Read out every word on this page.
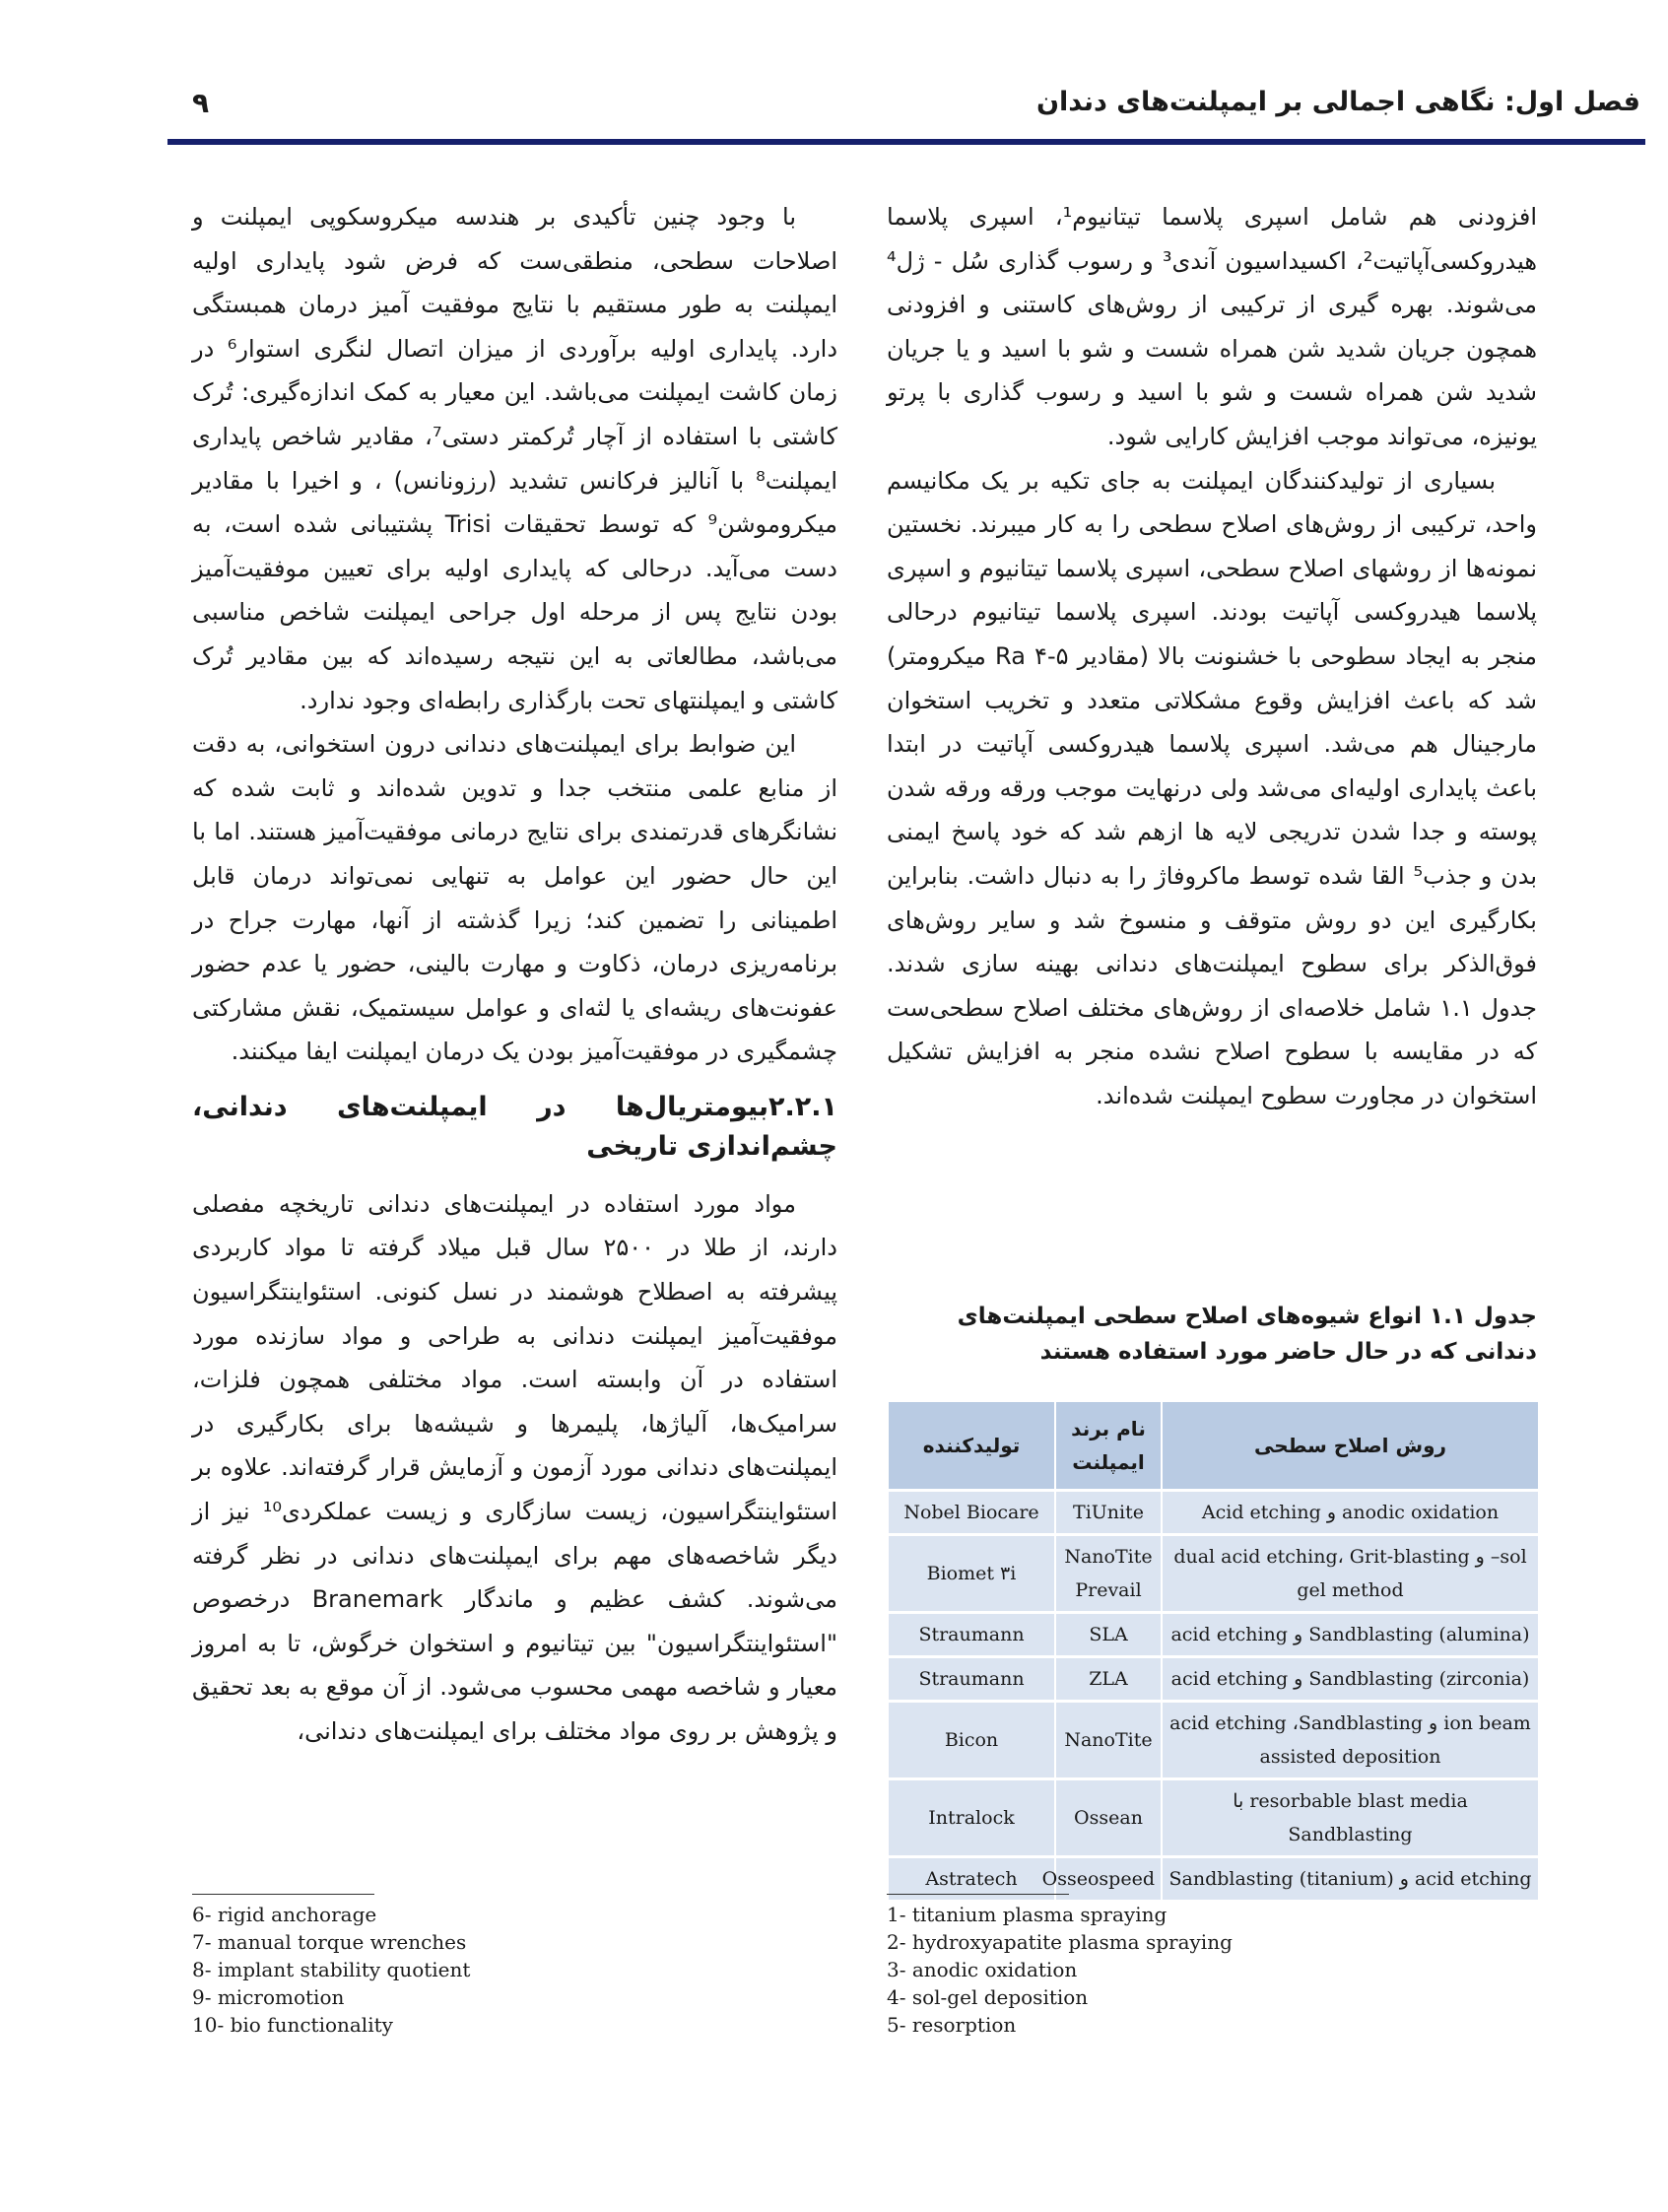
فصل اول: نگاهی اجمالی بر ایمپلنت‌های دندان
۹

افزودنی هم شامل اسپری پلاسما تیتانیوم¹، اسپری پلاسما هیدروکسی‌آپاتیت²، اکسیداسیون آندی³ و رسوب گذاری سُل - ژل⁴ می‌شوند. بهره گیری از ترکیبی از روش‌های کاستنی و افزودنی همچون جریان شدید شن همراه شست و شو با اسید و یا جریان شدید شن همراه شست و شو با اسید و رسوب گذاری با پرتو یونیزه، می‌تواند موجب افزایش کارایی شود.

بسیاری از تولیدکنندگان ایمپلنت به جای تکیه بر یک مکانیسم واحد، ترکیبی از روش‌های اصلاح سطحی را به کار میبرند. نخستین نمونه‌ها از روشهای اصلاح سطحی، اسپری پلاسما تیتانیوم و اسپری پلاسما هیدروکسی آپاتیت بودند. اسپری پلاسما تیتانیوم درحالی منجر به ایجاد سطوحی با خشنونت بالا (مقادیر Ra ۴-۵ میکرومتر) شد که باعث افزایش وقوع مشکلاتی متعدد و تخریب استخوان مارجینال هم می‌شد. اسپری پلاسما هیدروکسی آپاتیت در ابتدا باعث پایداری اولیه‌ای می‌شد ولی درنهایت موجب ورقه ورقه شدن پوسته و جدا شدن تدریجی لایه ها ازهم شد که خود پاسخ ایمنی بدن و جذب⁵ القا شده توسط ماکروفاژ را به دنبال داشت. بنابراین بکارگیری این دو روش متوقف و منسوخ شد و سایر روش‌های فوق‌الذکر برای سطوح ایمپلنت‌های دندانی بهینه سازی شدند. جدول ۱.۱ شامل خلاصه‌ای از روش‌های مختلف اصلاح سطحی‌ست که در مقایسه با سطوح اصلاح نشده منجر به افزایش تشکیل استخوان در مجاورت سطوح ایمپلنت شده‌اند.

جدول ۱.۱ انواع شیوه‌های اصلاح سطحی ایمپلنت‌های دندانی که در حال حاضر مورد استفاده هستند
روش اصلاح سطحی	نام برند ایمپلنت	تولیدکننده
anodic oxidation و Acid etching	TiUnite	Nobel Biocare
sol– و dual acid etching، Grit-blasting gel method	NanoTite Prevail	Biomet ۳i
Sandblasting (alumina) و acid etching	SLA	Straumann
Sandblasting (zirconia) و acid etching	ZLA	Straumann
ion beam و acid etching ،Sandblasting assisted deposition	NanoTite	Bicon
resorbable blast media با Sandblasting	Ossean	Intralock
acid etching و (Sandblasting (titanium	Osseospeed	Astratech

با وجود چنین تأکیدی بر هندسه میکروسکوپی ایمپلنت و اصلاحات سطحی، منطقی‌ست که فرض شود پایداری اولیه ایمپلنت به طور مستقیم با نتایج موفقیت آمیز درمان همبستگی دارد. پایداری اولیه برآوردی از میزان اتصال لنگری استوار⁶ در زمان کاشت ایمپلنت می‌باشد. این معیار به کمک اندازه‌گیری: تُرک کاشتی با استفاده از آچار تُرکمتر دستی⁷، مقادیر شاخص پایداری ایمپلنت⁸ با آنالیز فرکانس تشدید (رزونانس) ، و اخیرا با مقادیر میکروموشن⁹ که توسط تحقیقات Trisi پشتیبانی شده است، به دست می‌آید. درحالی که پایداری اولیه برای تعیین موفقیت‌آمیز بودن نتایج پس از مرحله اول جراحی ایمپلنت شاخص مناسبی می‌باشد، مطالعاتی به این نتیجه رسیده‌اند که بین مقادیر تُرک کاشتی و ایمپلنتهای تحت بارگذاری رابطه‌ای وجود ندارد.

این ضوابط برای ایمپلنت‌های دندانی درون استخوانی، به دقت از منابع علمی منتخب جدا و تدوین شده‌اند و ثابت شده که نشانگرهای قدرتمندی برای نتایج درمانی موفقیت‌آمیز هستند. اما با این حال حضور این عوامل به تنهایی نمی‌تواند درمان قابل اطمینانی را تضمین کند؛ زیرا گذشته از آنها، مهارت جراح در برنامه‌ریزی درمان، ذکاوت و مهارت بالینی، حضور یا عدم حضور عفونت‌های ریشه‌ای یا لثه‌ای و عوامل سیستمیک، نقش مشارکتی چشمگیری در موفقیت‌آمیز بودن یک درمان ایمپلنت ایفا میکنند.

۲.۲.۱بیومتریال‌ها در ایمپلنت‌های دندانی، چشم‌اندازی تاریخی

مواد مورد استفاده در ایمپلنت‌های دندانی تاریخچه مفصلی دارند، از طلا در ۲۵۰۰ سال قبل میلاد گرفته تا مواد کاربردی پیشرفته به اصطلاح هوشمند در نسل کنونی. استئواینتگراسیون موفقیت‌آمیز ایمپلنت دندانی به طراحی و مواد سازنده مورد استفاده در آن وابسته است. مواد مختلفی همچون فلزات، سرامیک‌ها، آلیاژها، پلیمرها و شیشه‌ها برای بکارگیری در ایمپلنت‌های دندانی مورد آزمون و آزمایش قرار گرفته‌اند. علاوه بر استئواینتگراسیون، زیست سازگاری و زیست عملکردی¹⁰ نیز از دیگر شاخصه‌های مهم برای ایمپلنت‌های دندانی در نظر گرفته می‌شوند. کشف عظیم و ماندگار Branemark درخصوص "استئواینتگراسیون" بین تیتانیوم و استخوان خرگوش، تا به امروز معیار و شاخصه مهمی محسوب می‌شود. از آن موقع به بعد تحقیق و پژوهش بر روی مواد مختلف برای ایمپلنت‌های دندانی،

1- titanium plasma spraying
2- hydroxyapatite plasma spraying
3- anodic oxidation
4- sol-gel deposition
5- resorption
6- rigid anchorage
7- manual torque wrenches
8- implant stability quotient
9- micromotion
10- bio functionality
